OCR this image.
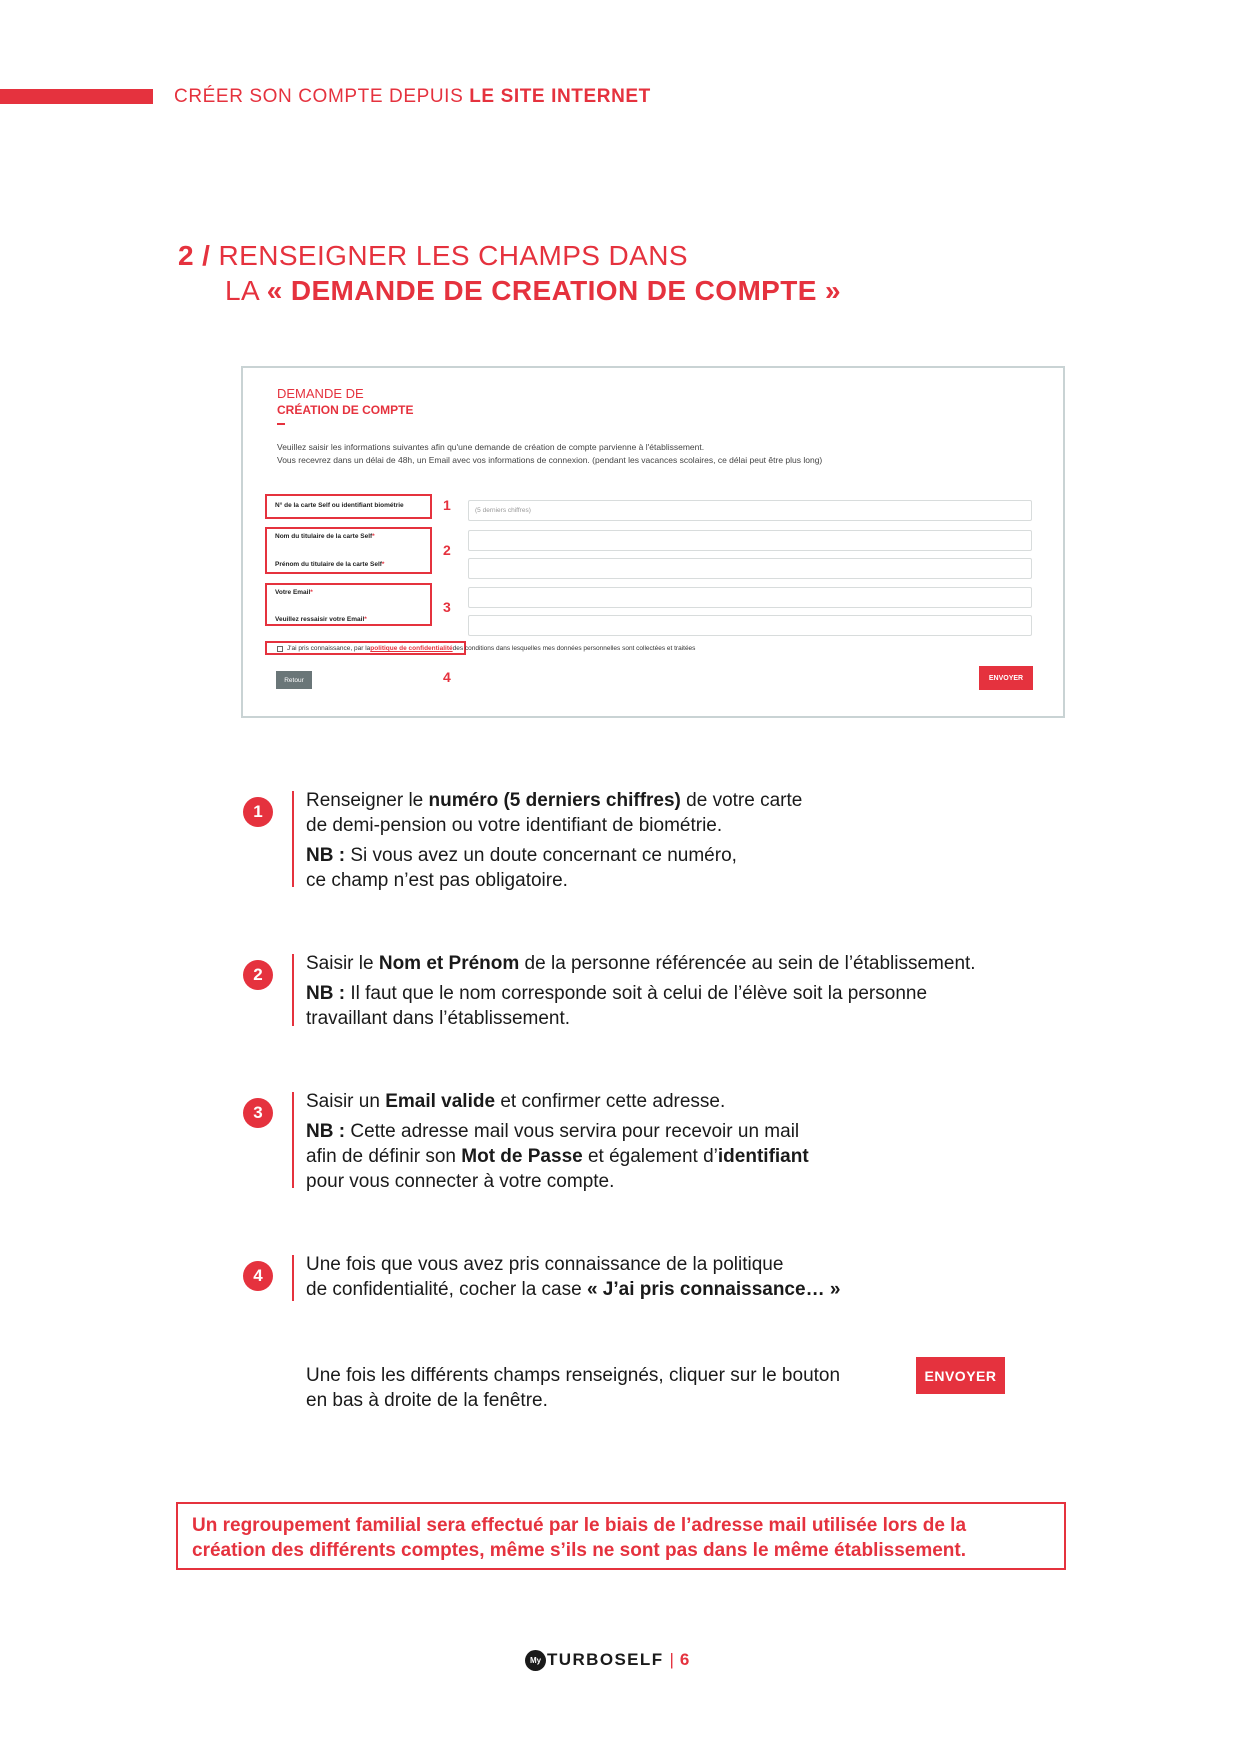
CRÉER SON COMPTE DEPUIS LE SITE INTERNET
2 / RENSEIGNER LES CHAMPS DANS
LA « DEMANDE DE CREATION DE COMPTE »
DEMANDE DE
CRÉATION DE COMPTE
Veuillez saisir les informations suivantes afin qu'une demande de création de compte parvienne à l'établissement.
Vous recevrez dans un délai de 48h, un Email avec vos informations de connexion. (pendant les vacances scolaires, ce délai peut être plus long)
N° de la carte Self ou identifiant biométrie
Nom du titulaire de la carte Self*
Prénom du titulaire de la carte Self*
Votre Email*
Veuillez ressaisir votre Email*
1
2
3
4
(5 derniers chiffres)
J'ai pris connaissance, par la politique de confidentialité des conditions dans lesquelles mes données personnelles sont collectées et traitées
Retour	ENVOYER
1
Renseigner le numéro (5 derniers chiffres) de votre carte
de demi-pension ou votre identifiant de biométrie.
NB : Si vous avez un doute concernant ce numéro,
ce champ n’est pas obligatoire.
2
Saisir le Nom et Prénom de la personne référencée au sein de l’établissement.
NB : Il faut que le nom corresponde soit à celui de l’élève soit la personne
travaillant dans l’établissement.
3
Saisir un Email valide et confirmer cette adresse.
NB : Cette adresse mail vous servira pour recevoir un mail
afin de définir son Mot de Passe et également d’identifiant
pour vous connecter à votre compte.
4
Une fois que vous avez pris connaissance de la politique
de confidentialité, cocher la case « J’ai pris connaissance… »
Une fois les différents champs renseignés, cliquer sur le bouton
en bas à droite de la fenêtre.
ENVOYER
Un regroupement familial sera effectué par le biais de l’adresse mail utilisée lors de la
création des différents comptes, même s’ils ne sont pas dans le même établissement.
My TURBOSELF | 6
